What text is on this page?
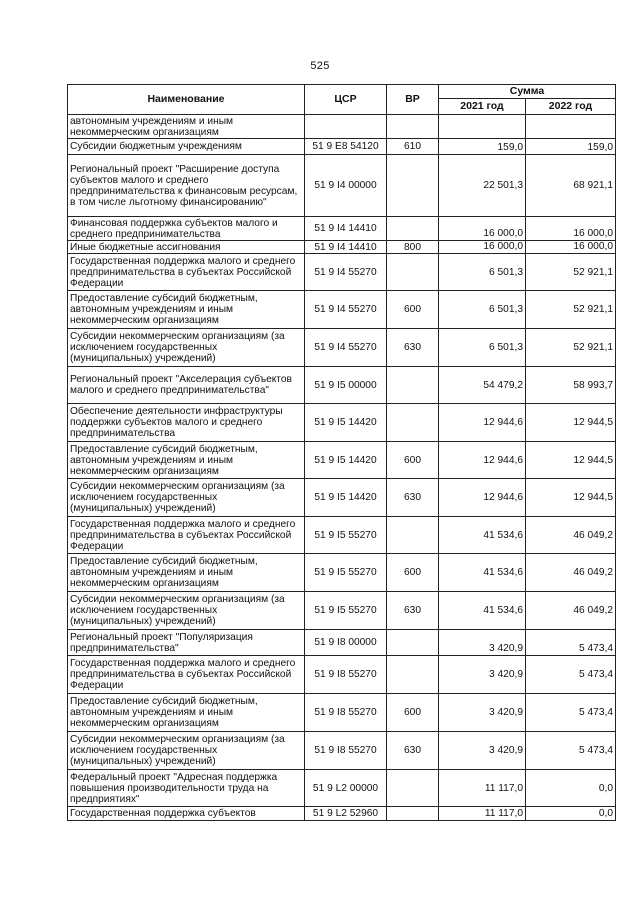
525
Наименование	ЦСР	ВР	Сумма	
			2021 год	2022 год
автономным учреждениям и иным некоммерческим организациям				
Субсидии бюджетным учреждениям	51 9 E8 54120	610	159,0	159,0
Региональный проект "Расширение доступа субъектов малого и среднего предпринимательства к финансовым ресурсам, в том числе льготному финансированию"	51 9 I4 00000		22 501,3	68 921,1
Финансовая поддержка субъектов малого и среднего предпринимательства	51 9 I4 14410		16 000,0	16 000,0
Иные бюджетные ассигнования	51 9 I4 14410	800	16 000,0	16 000,0
Государственная поддержка малого и среднего предпринимательства в субъектах Российской Федерации	51 9 I4 55270		6 501,3	52 921,1
Предоставление субсидий бюджетным, автономным учреждениям и иным некоммерческим организациям	51 9 I4 55270	600	6 501,3	52 921,1
Субсидии некоммерческим организациям (за исключением государственных (муниципальных) учреждений)	51 9 I4 55270	630	6 501,3	52 921,1
Региональный проект "Акселерация субъектов малого и среднего предпринимательства"	51 9 I5 00000		54 479,2	58 993,7
Обеспечение деятельности инфраструктуры поддержки субъектов малого и среднего предпринимательства	51 9 I5 14420		12 944,6	12 944,5
Предоставление субсидий бюджетным, автономным учреждениям и иным некоммерческим организациям	51 9 I5 14420	600	12 944,6	12 944,5
Субсидии некоммерческим организациям (за исключением государственных (муниципальных) учреждений)	51 9 I5 14420	630	12 944,6	12 944,5
Государственная поддержка малого и среднего предпринимательства в субъектах Российской Федерации	51 9 I5 55270		41 534,6	46 049,2
Предоставление субсидий бюджетным, автономным учреждениям и иным некоммерческим организациям	51 9 I5 55270	600	41 534,6	46 049,2
Субсидии некоммерческим организациям (за исключением государственных (муниципальных) учреждений)	51 9 I5 55270	630	41 534,6	46 049,2
Региональный проект "Популяризация предпринимательства"	51 9 I8 00000		3 420,9	5 473,4
Государственная поддержка малого и среднего предпринимательства в субъектах Российской Федерации	51 9 I8 55270		3 420,9	5 473,4
Предоставление субсидий бюджетным, автономным учреждениям и иным некоммерческим организациям	51 9 I8 55270	600	3 420,9	5 473,4
Субсидии некоммерческим организациям (за исключением государственных (муниципальных) учреждений)	51 9 I8 55270	630	3 420,9	5 473,4
Федеральный проект "Адресная поддержка повышения производительности труда на предприятиях"	51 9 L2 00000		11 117,0	0,0
Государственная поддержка субъектов	51 9 L2 52960		11 117,0	0,0
